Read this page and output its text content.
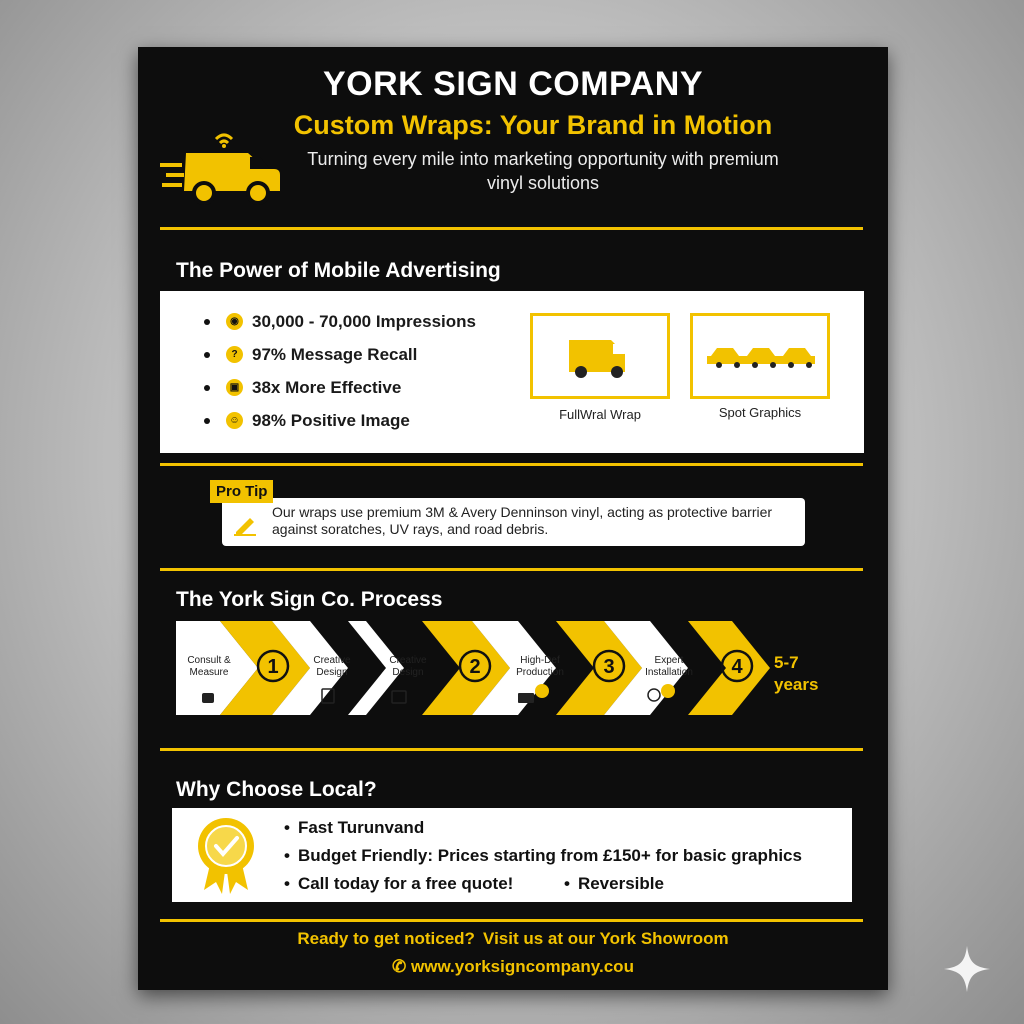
YORK SIGN COMPANY
Custom Wraps: Your Brand in Motion
Turning every mile into marketing opportunity with premium vinyl solutions
The Power of Mobile Advertising
◉ 30,000 - 70,000 Impressions
? 97% Message Recall
▣ 38x More Effective
☺ 98% Positive Image	FullWral Wrap	Spot Graphics
Our wraps use premium 3M & Avery Denninson vinyl, acting as protective barrier against soratches, UV rays, and road debris.
Pro Tip
The York Sign Co. Process
1	2	3	4
Consult & Measure
Creative Design
Creative Design
High-Def Production
Expert Installation
5-7 years
Why Choose Local?
• Fast Turunvand
• Budget Friendly: Prices starting from £150+ for basic graphics
• Call today for a free quote!
•	Reversible
Ready to get noticed?  Visit us at our York Showroom
✆ www.yorksigncompany.cou
